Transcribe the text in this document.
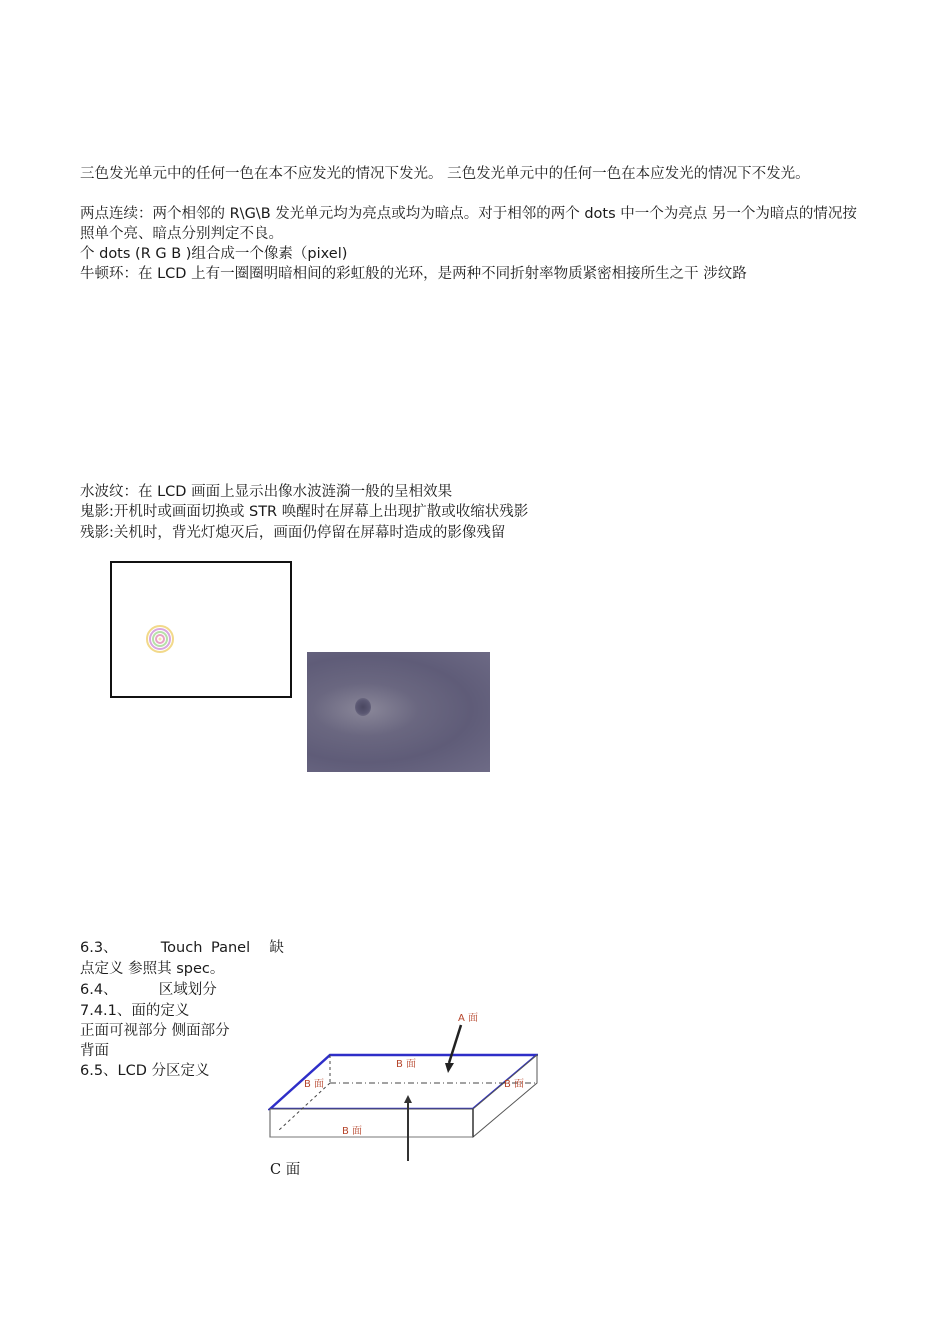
三色发光单元中的任何一色在本不应发光的情况下发光。 三色发光单元中的任何一色在本应发光的情况下不发光。
两点连续：两个相邻的 R\G\B 发光单元均为亮点或均为暗点。对于相邻的两个 dots 中一个为亮点 另一个为暗点的情况按照单个亮、暗点分别判定不良。
个 dots (R G B )组合成一个像素（pixel)
牛顿环：在 LCD 上有一圈圈明暗相间的彩虹般的光环，是两种不同折射率物质紧密相接所生之干 涉纹路
水波纹：在 LCD 画面上显示出像水波涟漪一般的呈相效果
鬼影:开机时或画面切换或 STR 唤醒时在屏幕上出现扩散或收缩状残影
残影:关机时，背光灯熄灭后，画面仍停留在屏幕时造成的影像残留
6.3、	Touch Panel 缺
点定义 参照其 spec。
6.4、	区域划分
7.4.1、面的定义
正面可视部分 侧面部分
背面
6.5、LCD 分区定义
A 面
B 面
B 面	B 面
B 面
C 面
